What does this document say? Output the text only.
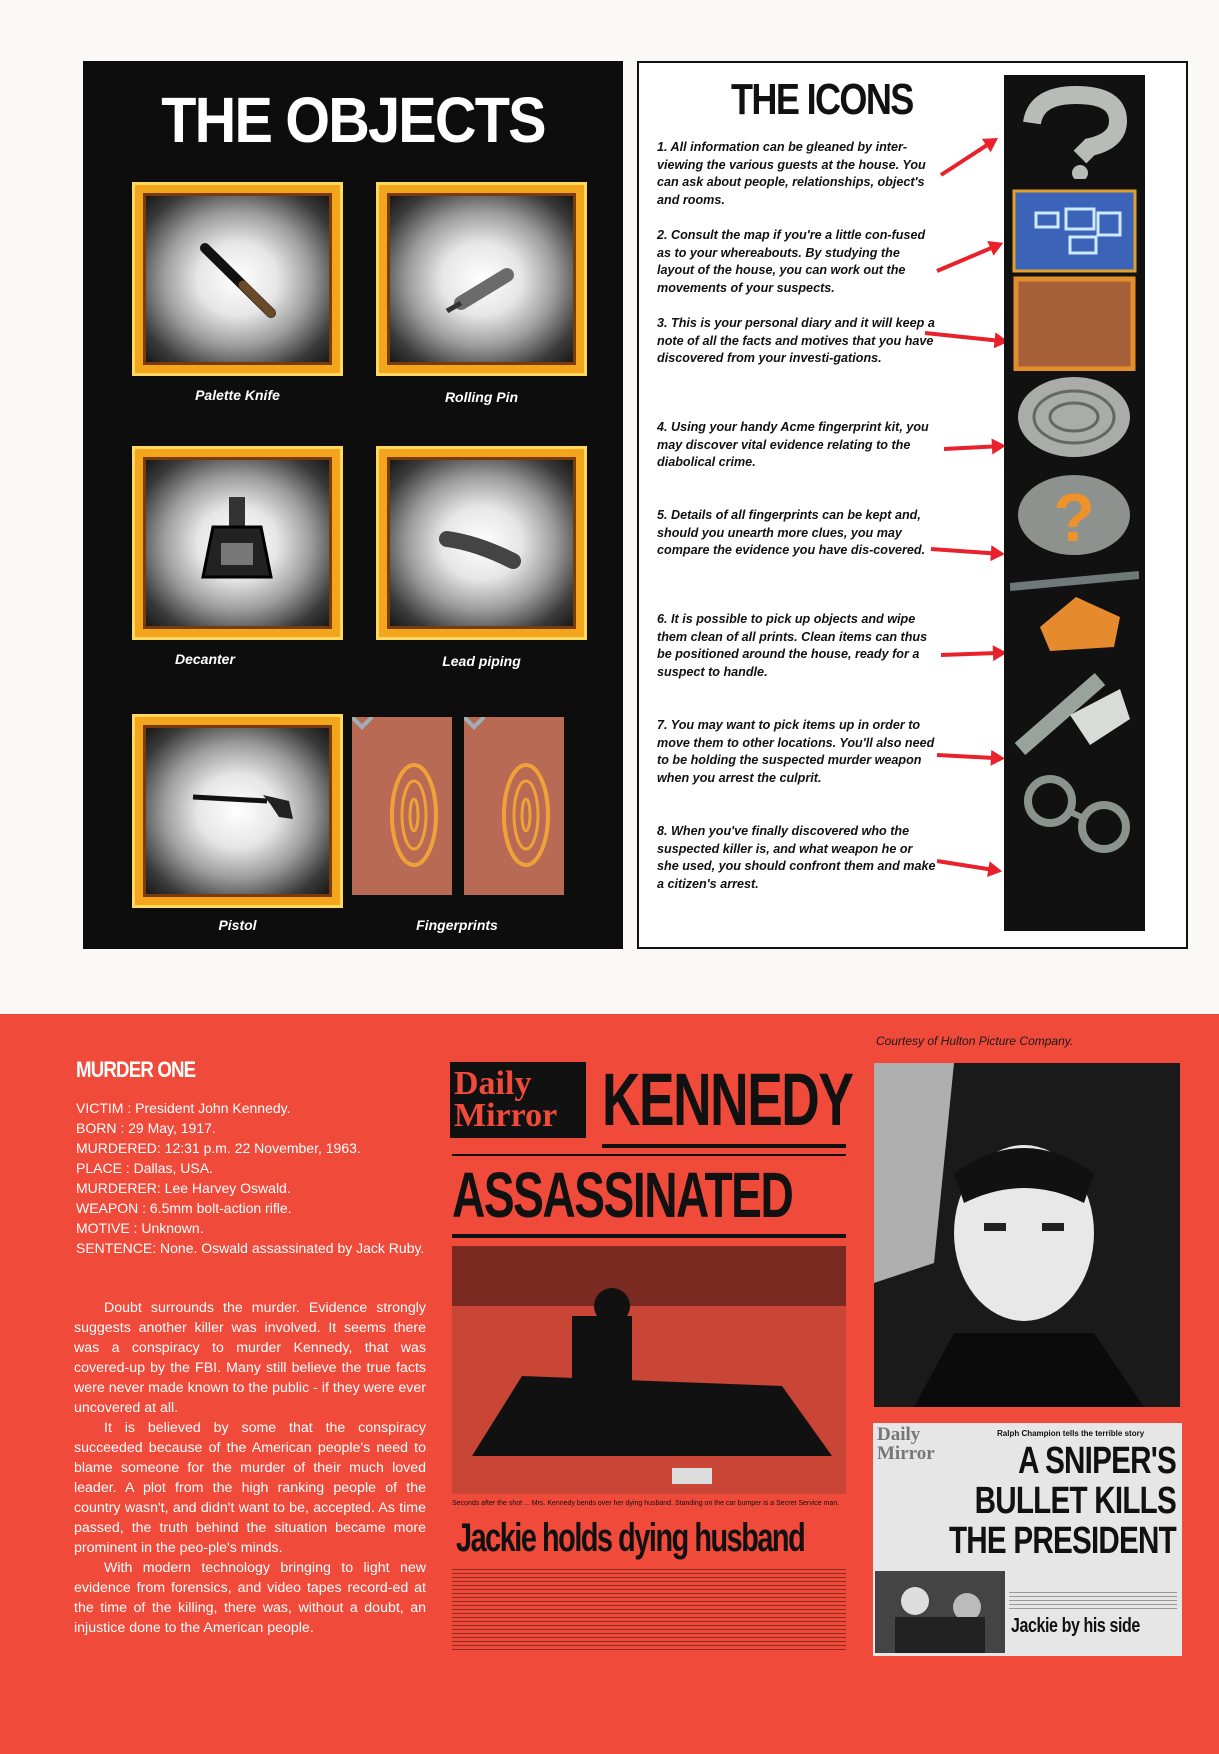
THE OBJECTS
Palette Knife	Rolling Pin
Decanter	Lead piping
Pistol	Fingerprints
THE ICONS
1. All information can be gleaned by inter-viewing the various guests at the house. You can ask about people, relationships, object's and rooms.
2. Consult the map if you're a little con-fused as to your whereabouts. By studying the layout of the house, you can work out the movements of your suspects.
3. This is your personal diary and it will keep a note of all the facts and motives that you have discovered from your investi-gations.
4. Using your handy Acme fingerprint kit, you may discover vital evidence relating to the diabolical crime.
5. Details of all fingerprints can be kept and, should you unearth more clues, you may compare the evidence you have dis-covered.
6. It is possible to pick up objects and wipe them clean of all prints. Clean items can thus be positioned around the house, ready for a suspect to handle.
7. You may want to pick items up in order to move them to other locations. You'll also need to be holding the suspected murder weapon when you arrest the culprit.
8. When you've finally discovered who the suspected killer is, and what weapon he or she used, you should confront them and make a citizen's arrest.
?
Courtesy of Hulton Picture Company.
MURDER ONE
VICTIM : President John Kennedy.
BORN : 29 May, 1917.
MURDERED: 12:31 p.m. 22 November, 1963.
PLACE : Dallas, USA.
MURDERER: Lee Harvey Oswald.
WEAPON : 6.5mm bolt-action rifle.
MOTIVE : Unknown.
SENTENCE: None. Oswald assassinated by Jack Ruby.

Doubt surrounds the murder. Evidence strongly suggests another killer was involved. It seems there was a conspiracy to murder Kennedy, that was covered-up by the FBI. Many still believe the true facts were never made known to the public - if they were ever uncovered at all.

It is believed by some that the conspiracy succeeded because of the American people's need to blame someone for the murder of their much loved leader. A plot from the high ranking people of the country wasn't, and didn't want to be, accepted. As time passed, the truth behind the situation became more prominent in the peo-ple's minds.

With modern technology bringing to light new evidence from forensics, and video tapes record-ed at the time of the killing, there was, without a doubt, an injustice done to the American people.

Daily
Mirror KENNEDY
ASSASSINATED
Seconds after the shot ... Mrs. Kennedy bends over her dying husband. Standing on the car bumper is a Secret Service man.
Jackie holds dying husband
Daily
Mirror
Ralph Champion tells the terrible story
A SNIPER'S BULLET KILLS THE PRESIDENT
Jackie by his side
